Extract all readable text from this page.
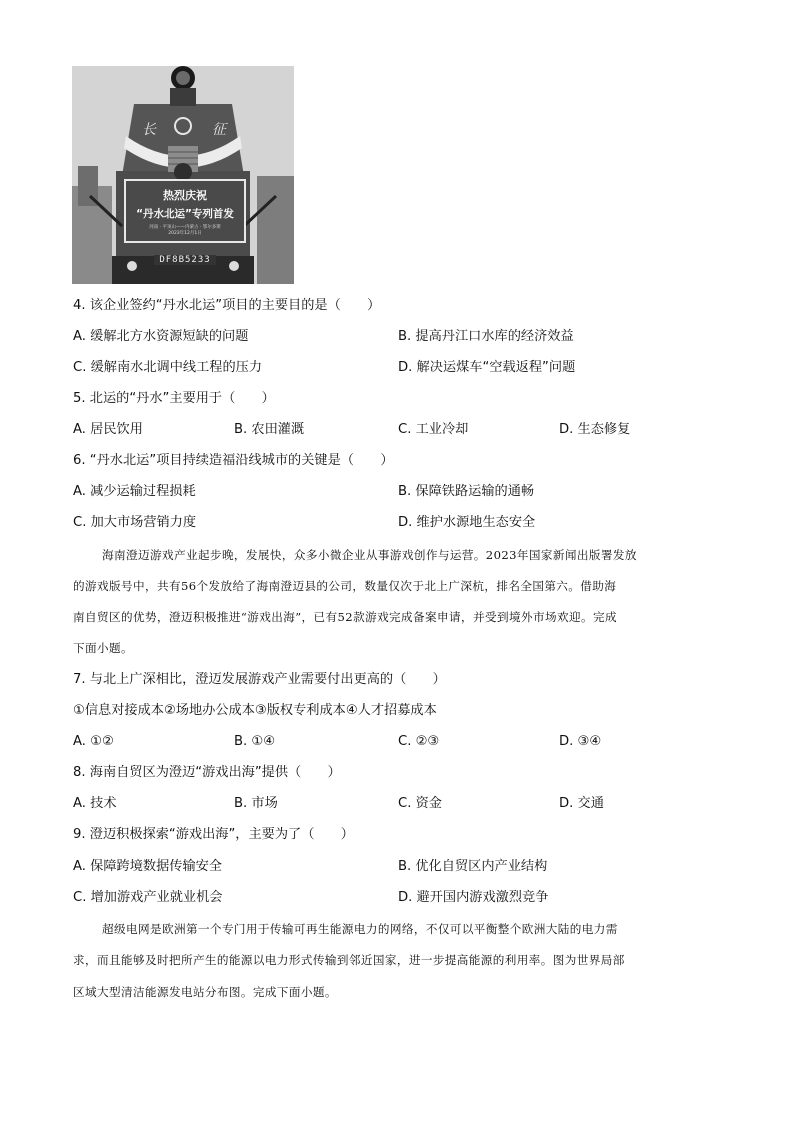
长	征
热烈庆祝
“丹水北运”专列首发
河南 · 平顶山——内蒙古 · 鄂尔多斯
2023年12月1日
DF8B5233
4. 该企业签约“丹水北运”项目的主要目的是（　　）
A. 缓解北方水资源短缺的问题	B. 提高丹江口水库的经济效益
C. 缓解南水北调中线工程的压力	D. 解决运煤车“空载返程”问题
5. 北运的“丹水”主要用于（　　）
A. 居民饮用	B. 农田灌溉	C. 工业冷却	D. 生态修复
6. “丹水北运”项目持续造福沿线城市的关键是（　　）
A. 减少运输过程损耗	B. 保障铁路运输的通畅
C. 加大市场营销力度	D. 维护水源地生态安全
海南澄迈游戏产业起步晚，发展快，众多小微企业从事游戏创作与运营。2023年国家新闻出版署发放
的游戏版号中，共有56个发放给了海南澄迈县的公司，数量仅次于北上广深杭，排名全国第六。借助海
南自贸区的优势，澄迈积极推进“游戏出海”，已有52款游戏完成备案申请，并受到境外市场欢迎。完成
下面小题。
7. 与北上广深相比，澄迈发展游戏产业需要付出更高的（　　）
①信息对接成本②场地办公成本③版权专利成本④人才招募成本
A. ①②	B. ①④	C. ②③	D. ③④
8. 海南自贸区为澄迈“游戏出海”提供（　　）
A. 技术	B. 市场	C. 资金	D. 交通
9. 澄迈积极探索“游戏出海”，主要为了（　　）
A. 保障跨境数据传输安全	B. 优化自贸区内产业结构
C. 增加游戏产业就业机会	D. 避开国内游戏激烈竞争
超级电网是欧洲第一个专门用于传输可再生能源电力的网络，不仅可以平衡整个欧洲大陆的电力需
求，而且能够及时把所产生的能源以电力形式传输到邻近国家，进一步提高能源的利用率。图为世界局部
区域大型清洁能源发电站分布图。完成下面小题。
